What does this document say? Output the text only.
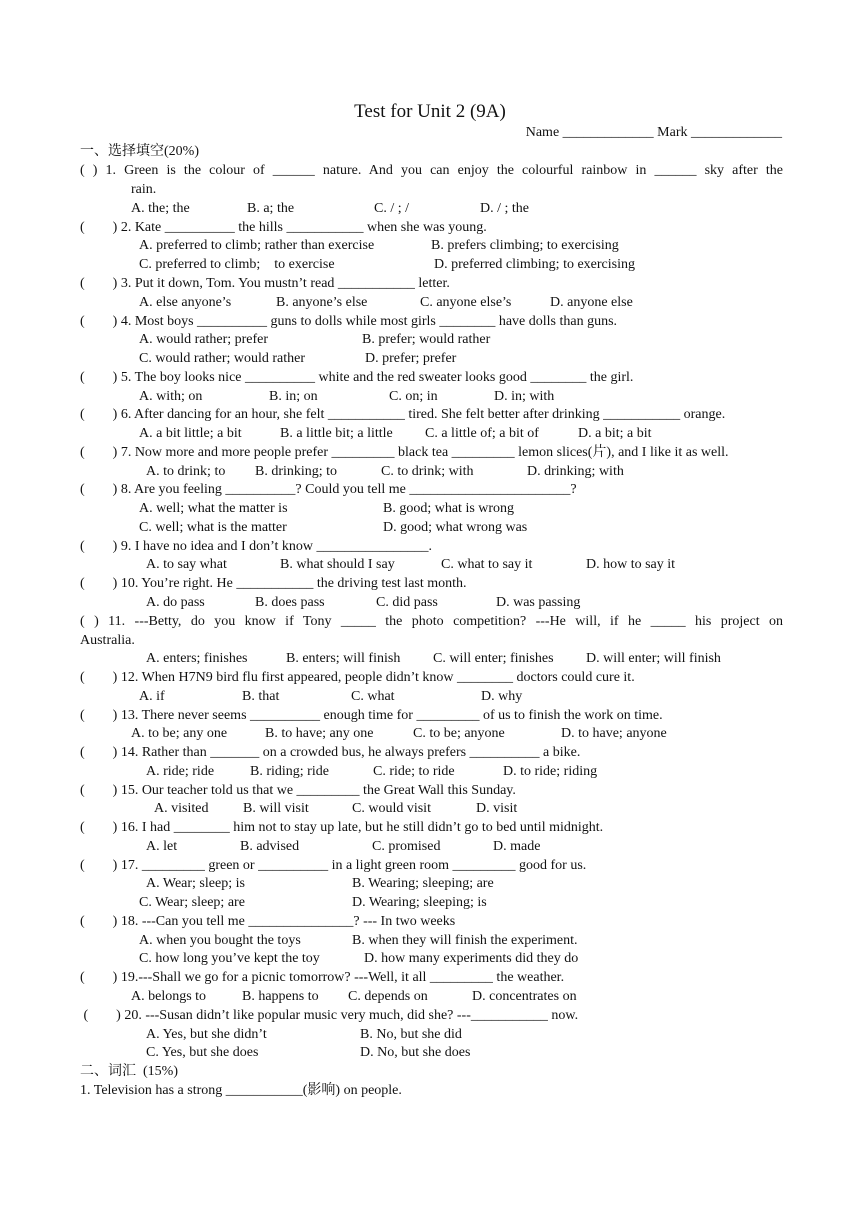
Test for Unit 2 (9A)
Name _____________ Mark _____________
一、选择填空(20%)
( ) 1. Green is the colour of ______ nature. And you can enjoy the colourful rainbow in ______ sky after the
rain.
A. the; the	B. a; the	C. / ; /	D. / ; the
(        ) 2. Kate __________ the hills ___________ when she was young.
A. preferred to climb; rather than exercise	B. prefers climbing; to exercising
C. preferred to climb;    to exercise	D. preferred climbing; to exercising
(        ) 3. Put it down, Tom. You mustn’t read ___________ letter.
A. else anyone’s	B. anyone’s else	C. anyone else’s	D. anyone else
(        ) 4. Most boys __________ guns to dolls while most girls ________ have dolls than guns.
A. would rather; prefer	B. prefer; would rather
C. would rather; would rather	D. prefer; prefer
(        ) 5. The boy looks nice __________ white and the red sweater looks good ________ the girl.
A. with; on	B. in; on	C. on; in	D. in; with
(        ) 6. After dancing for an hour, she felt ___________ tired. She felt better after drinking ___________ orange.
A. a bit little; a bit	B. a little bit; a little C. a little of; a bit of	D. a bit; a bit
(        ) 7. Now more and more people prefer _________ black tea _________ lemon slices(片), and I like it as well.
A. to drink; to B. drinking; to	C. to drink; with	D. drinking; with
(        ) 8. Are you feeling __________? Could you tell me _______________________?
A. well; what the matter is	B. good; what is wrong
C. well; what is the matter	D. good; what wrong was
(        ) 9. I have no idea and I don’t know ________________.
A. to say what	B. what should I say	C. what to say it	D. how to say it
(        ) 10. You’re right. He ___________ the driving test last month.
A. do pass	B. does pass	C. did pass	D. was passing
( ) 11. ---Betty, do you know if Tony _____ the photo competition? ---He will, if he _____ his project on
Australia.
A. enters; finishes	B. enters; will finish C. will enter; finishes D. will enter; will finish
(        ) 12. When H7N9 bird flu first appeared, people didn’t know ________ doctors could cure it.
A. if	B. that	C. what	D. why
(        ) 13. There never seems __________ enough time for _________ of us to finish the work on time.
A. to be; any one	B. to have; any one	C. to be; anyone	D. to have; anyone
(        ) 14. Rather than _______ on a crowded bus, he always prefers __________ a bike.
A. ride; ride	B. riding; ride	C. ride; to ride	D. to ride; riding
(        ) 15. Our teacher told us that we _________ the Great Wall this Sunday.
A. visited B. will visit	C. would visit	D. visit
(        ) 16. I had ________ him not to stay up late, but he still didn’t go to bed until midnight.
A. let	B. advised	C. promised	D. made
(        ) 17. _________ green or __________ in a light green room _________ good for us.
A. Wear; sleep; is	B. Wearing; sleeping; are
C. Wear; sleep; are	D. Wearing; sleeping; is
(        ) 18. ---Can you tell me _______________? --- In two weeks
A. when you bought the toys	B. when they will finish the experiment.
C. how long you’ve kept the toy	D. how many experiments did they do
(        ) 19.---Shall we go for a picnic tomorrow? ---Well, it all _________ the weather.
A. belongs to	B. happens to C. depends on	D. concentrates on
(        ) 20. ---Susan didn’t like popular music very much, did she? ---___________ now.
A. Yes, but she didn’t	B. No, but she did
C. Yes, but she does	D. No, but she does
二、词汇  (15%)
1. Television has a strong ___________(影响) on people.
